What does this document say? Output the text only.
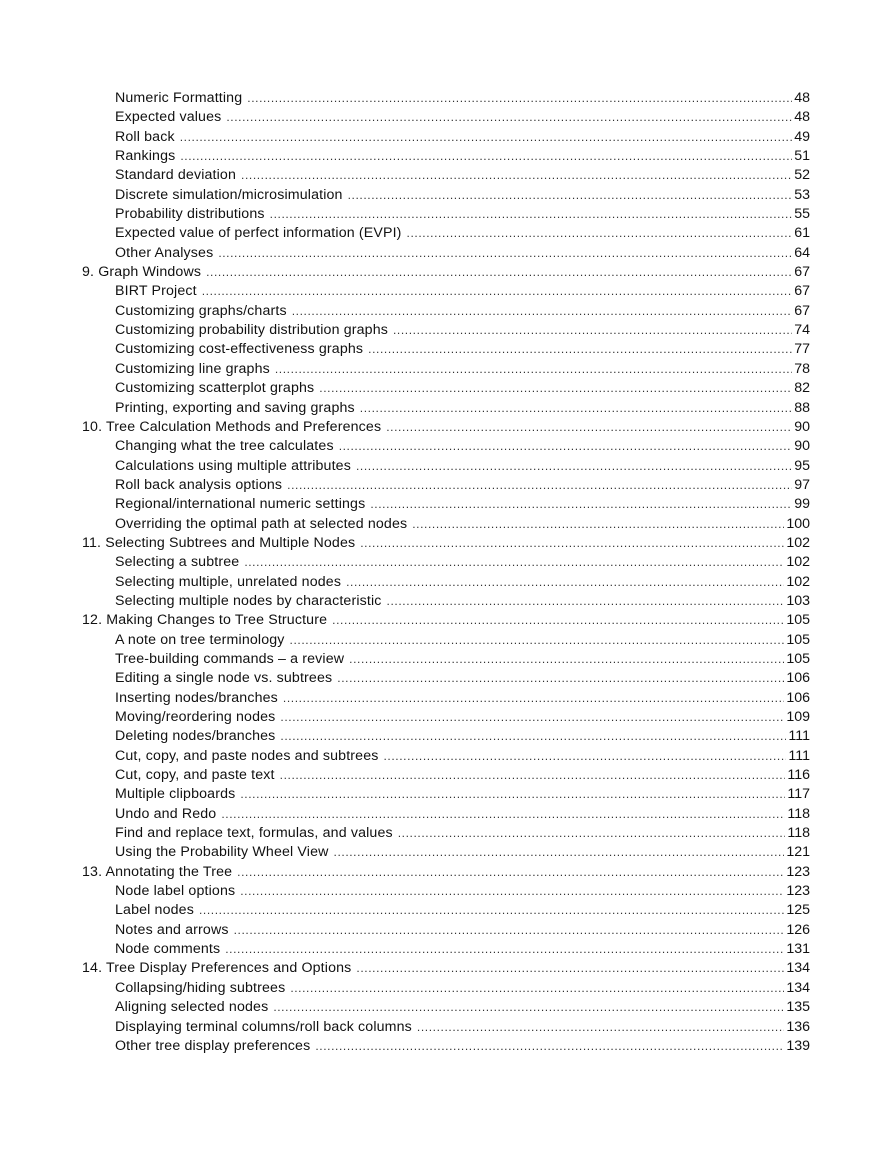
Numeric Formatting .....	48
Expected values .....	48
Roll back .....	49
Rankings .....	51
Standard deviation .....	52
Discrete simulation/microsimulation .....	53
Probability distributions .....	55
Expected value of perfect information (EVPI) .....	61
Other Analyses .....	64
9. Graph Windows .....	67
BIRT Project .....	67
Customizing graphs/charts .....	67
Customizing probability distribution graphs .....	74
Customizing cost-effectiveness graphs .....	77
Customizing line graphs .....	78
Customizing scatterplot graphs .....	82
Printing, exporting and saving graphs .....	88
10. Tree Calculation Methods and Preferences .....	90
Changing what the tree calculates .....	90
Calculations using multiple attributes .....	95
Roll back analysis options .....	97
Regional/international numeric settings .....	99
Overriding the optimal path at selected nodes .....	100
11. Selecting Subtrees and Multiple Nodes .....	102
Selecting a subtree .....	102
Selecting multiple, unrelated nodes .....	102
Selecting multiple nodes by characteristic .....	103
12. Making Changes to Tree Structure .....	105
A note on tree terminology .....	105
Tree-building commands – a review .....	105
Editing a single node vs. subtrees .....	106
Inserting nodes/branches .....	106
Moving/reordering nodes .....	109
Deleting nodes/branches .....	111
Cut, copy, and paste nodes and subtrees .....	111
Cut, copy, and paste text .....	116
Multiple clipboards .....	117
Undo and Redo .....	118
Find and replace text, formulas, and values .....	118
Using the Probability Wheel View .....	121
13. Annotating the Tree .....	123
Node label options .....	123
Label nodes .....	125
Notes and arrows .....	126
Node comments .....	131
14. Tree Display Preferences and Options .....	134
Collapsing/hiding subtrees .....	134
Aligning selected nodes .....	135
Displaying terminal columns/roll back columns .....	136
Other tree display preferences .....	139
